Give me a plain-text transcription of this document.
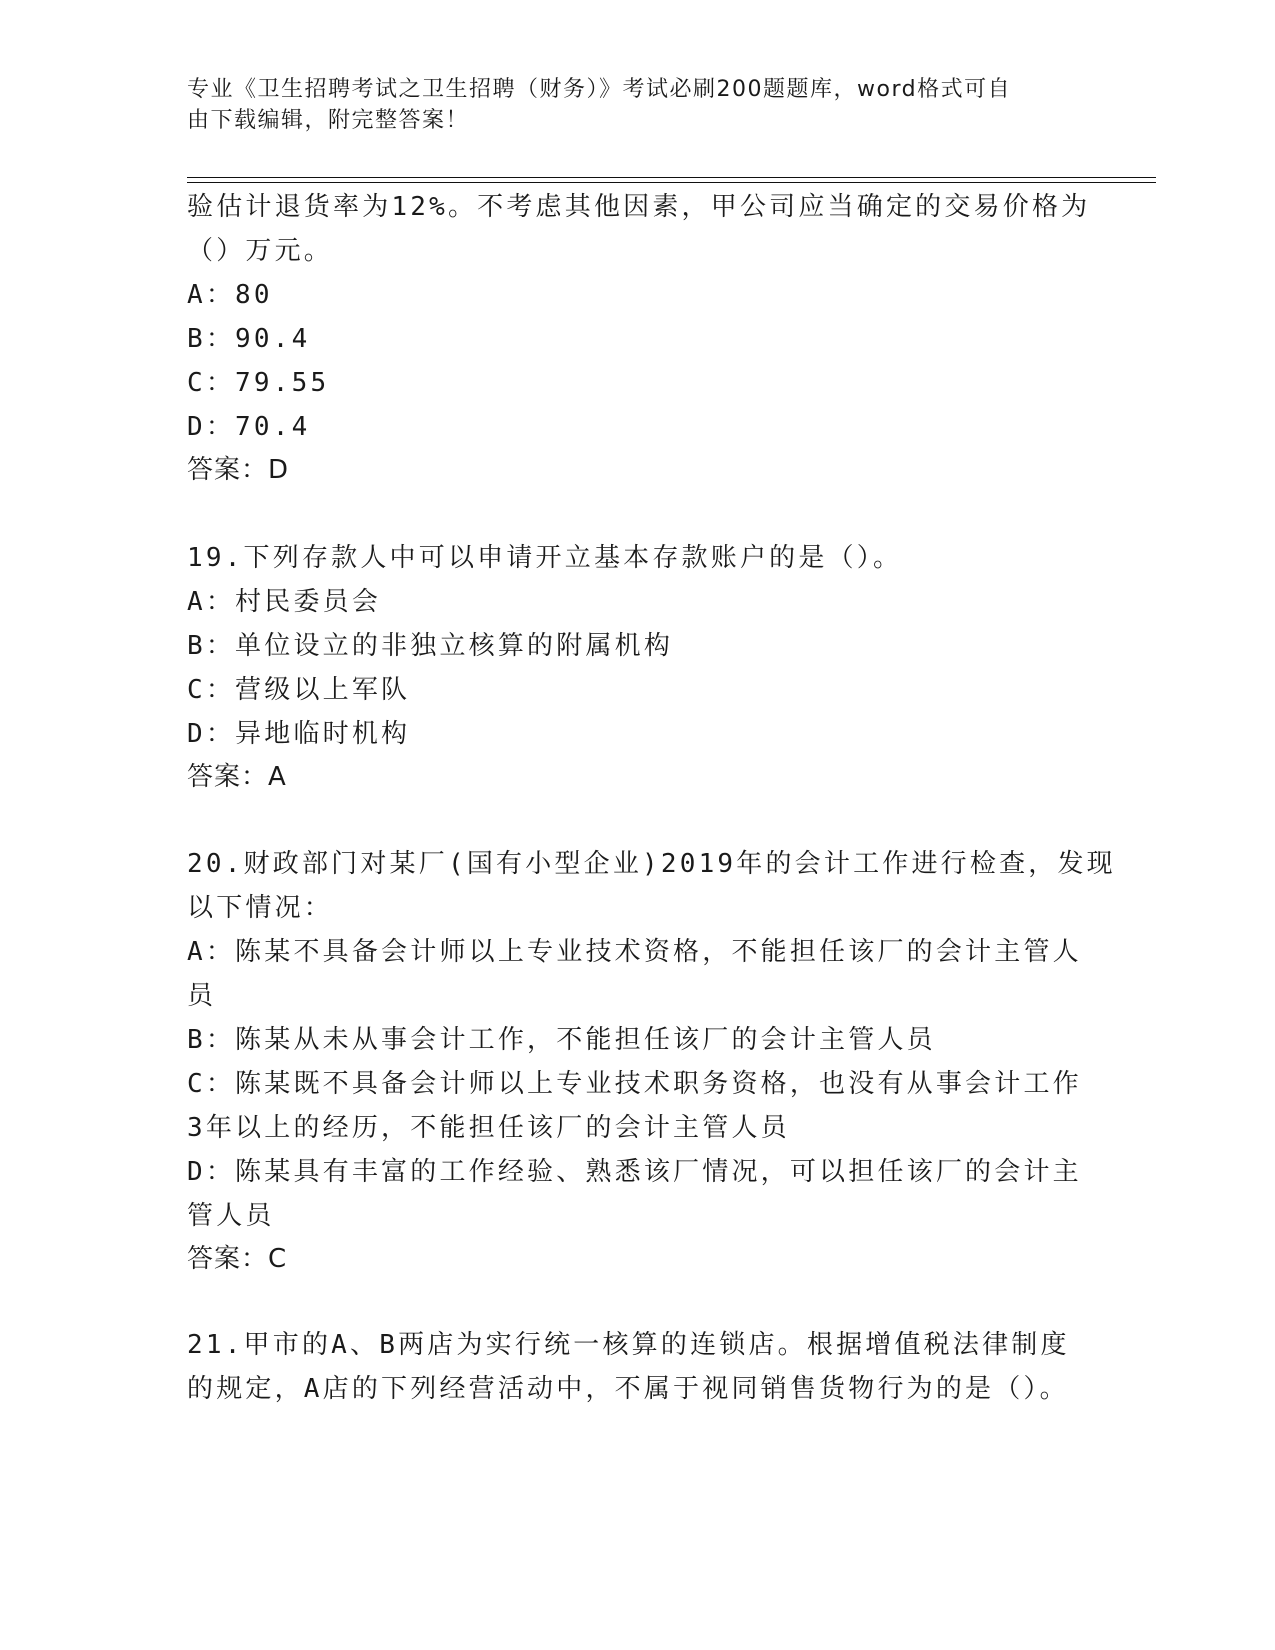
专业《卫生招聘考试之卫生招聘（财务）》考试必刷200题题库，word格式可自
由下载编辑，附完整答案！
验估计退货率为12%。不考虑其他因素，甲公司应当确定的交易价格为
（）万元。
A：80
B：90.4
C：79.55
D：70.4
答案：D
19.下列存款人中可以申请开立基本存款账户的是（）。
A：村民委员会
B：单位设立的非独立核算的附属机构
C：营级以上军队
D：异地临时机构
答案：A
20.财政部门对某厂(国有小型企业)2019年的会计工作进行检查，发现
以下情况：
A：陈某不具备会计师以上专业技术资格，不能担任该厂的会计主管人
员
B：陈某从未从事会计工作，不能担任该厂的会计主管人员
C：陈某既不具备会计师以上专业技术职务资格，也没有从事会计工作
3年以上的经历，不能担任该厂的会计主管人员
D：陈某具有丰富的工作经验、熟悉该厂情况，可以担任该厂的会计主
管人员
答案：C
21.甲市的A、B两店为实行统一核算的连锁店。根据增值税法律制度
的规定，A店的下列经营活动中，不属于视同销售货物行为的是（）。
